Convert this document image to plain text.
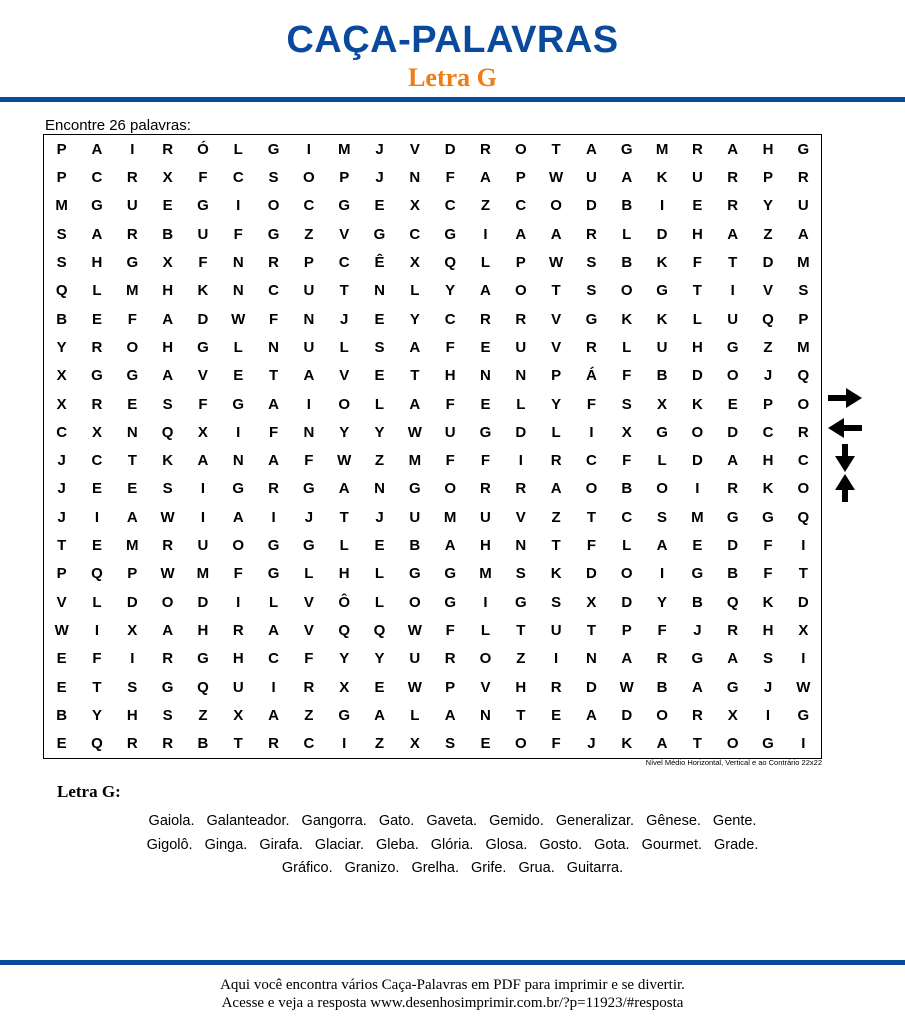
CAÇA-PALAVRAS
Letra G
Encontre 26 palavras:
P	A	I	R	Ó	L	G	I	M	J	V	D	R	O	T	A	G	M	R	A	H	G
P	C	R	X	F	C	S	O	P	J	N	F	A	P	W	U	A	K	U	R	P	R
M	G	U	E	G	I	O	C	G	E	X	C	Z	C	O	D	B	I	E	R	Y	U
S	A	R	B	U	F	G	Z	V	G	C	G	I	A	A	R	L	D	H	A	Z	A
S	H	G	X	F	N	R	P	C	Ê	X	Q	L	P	W	S	B	K	F	T	D	M
Q	L	M	H	K	N	C	U	T	N	L	Y	A	O	T	S	O	G	T	I	V	S
B	E	F	A	D	W	F	N	J	E	Y	C	R	R	V	G	K	K	L	U	Q	P
Y	R	O	H	G	L	N	U	L	S	A	F	E	U	V	R	L	U	H	G	Z	M
X	G	G	A	V	E	T	A	V	E	T	H	N	N	P	Á	F	B	D	O	J	Q
X	R	E	S	F	G	A	I	O	L	A	F	E	L	Y	F	S	X	K	E	P	O
C	X	N	Q	X	I	F	N	Y	Y	W	U	G	D	L	I	X	G	O	D	C	R
J	C	T	K	A	N	A	F	W	Z	M	F	F	I	R	C	F	L	D	A	H	C
J	E	E	S	I	G	R	G	A	N	G	O	R	R	A	O	B	O	I	R	K	O
J	I	A	W	I	A	I	J	T	J	U	M	U	V	Z	T	C	S	M	G	G	Q
T	E	M	R	U	O	G	G	L	E	B	A	H	N	T	F	L	A	E	D	F	I
P	Q	P	W	M	F	G	L	H	L	G	G	M	S	K	D	O	I	G	B	F	T
V	L	D	O	D	I	L	V	Ô	L	O	G	I	G	S	X	D	Y	B	Q	K	D
W	I	X	A	H	R	A	V	Q	Q	W	F	L	T	U	T	P	F	J	R	H	X
E	F	I	R	G	H	C	F	Y	Y	U	R	O	Z	I	N	A	R	G	A	S	I
E	T	S	G	Q	U	I	R	X	E	W	P	V	H	R	D	W	B	A	G	J	W
B	Y	H	S	Z	X	A	Z	G	A	L	A	N	T	E	A	D	O	R	X	I	G
E	Q	R	R	B	T	R	C	I	Z	X	S	E	O	F	J	K	A	T	O	G	I
Nível Médio Horizontal, Vertical e ao Contrário 22x22
Letra G:
Gaiola. Galanteador. Gangorra. Gato. Gaveta. Gemido. Generalizar. Gênese. Gente.
Gigolô. Ginga. Girafa. Glaciar. Gleba. Glória. Glosa. Gosto. Gota. Gourmet. Grade.
Gráfico. Granizo. Grelha. Grife. Grua. Guitarra.
Aqui você encontra vários Caça-Palavras em PDF para imprimir e se divertir.
Acesse e veja a resposta www.desenhosimprimir.com.br/?p=11923/#resposta
